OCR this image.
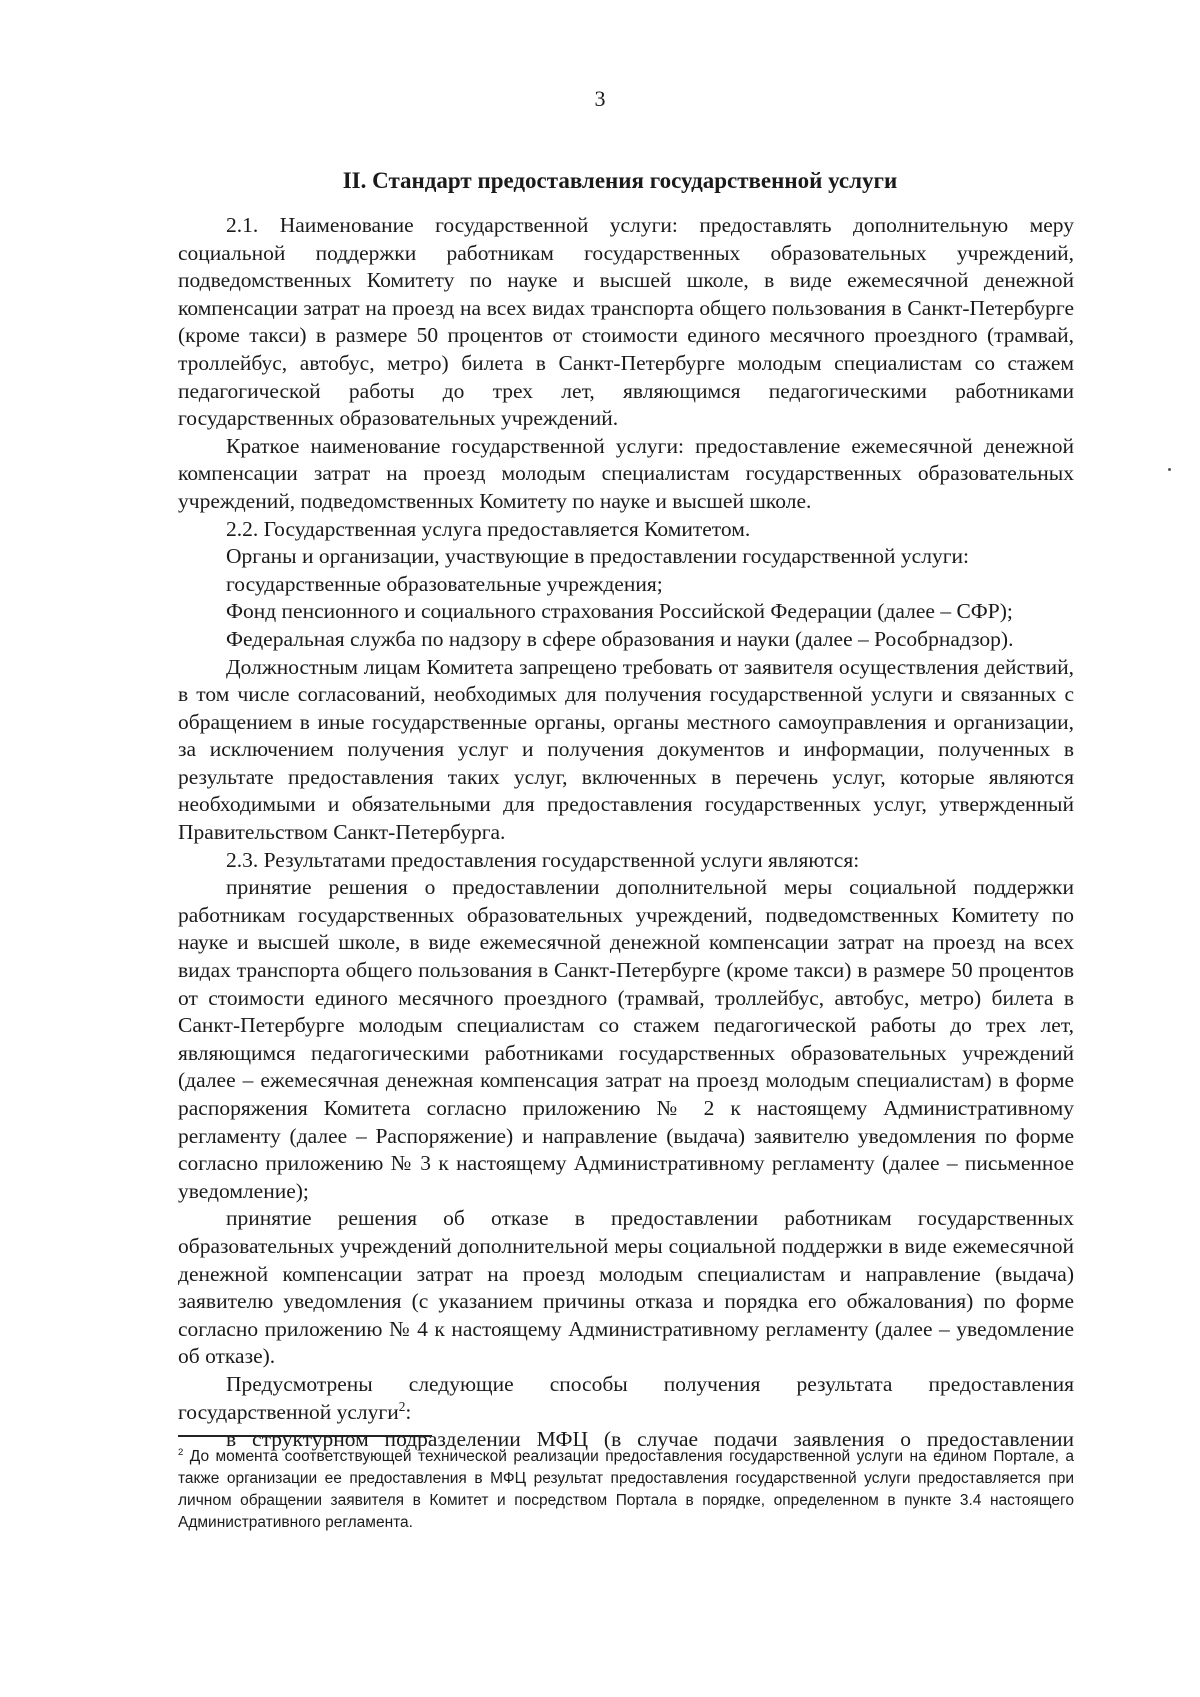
3
II. Стандарт предоставления государственной услуги

2.1. Наименование государственной услуги: предоставлять дополнительную меру социальной поддержки работникам государственных образовательных учреждений, подведомственных Комитету по науке и высшей школе, в виде ежемесячной денежной компенсации затрат на проезд на всех видах транспорта общего пользования в Санкт-Петербурге (кроме такси) в размере 50 процентов от стоимости единого месячного проездного (трамвай, троллейбус, автобус, метро) билета в Санкт-Петербурге молодым специалистам со стажем педагогической работы до трех лет, являющимся педагогическими работниками государственных образовательных учреждений.

Краткое наименование государственной услуги: предоставление ежемесячной денежной компенсации затрат на проезд молодым специалистам государственных образовательных учреждений, подведомственных Комитету по науке и высшей школе.

2.2. Государственная услуга предоставляется Комитетом.

Органы и организации, участвующие в предоставлении государственной услуги:

государственные образовательные учреждения;

Фонд пенсионного и социального страхования Российской Федерации (далее – СФР);

Федеральная служба по надзору в сфере образования и науки (далее – Рособрнадзор).

Должностным лицам Комитета запрещено требовать от заявителя осуществления действий, в том числе согласований, необходимых для получения государственной услуги и связанных с обращением в иные государственные органы, органы местного самоуправления и организации, за исключением получения услуг и получения документов и информации, полученных в результате предоставления таких услуг, включенных в перечень услуг, которые являются необходимыми и обязательными для предоставления государственных услуг, утвержденный Правительством Санкт-Петербурга.

2.3. Результатами предоставления государственной услуги являются:

принятие решения о предоставлении дополнительной меры социальной поддержки работникам государственных образовательных учреждений, подведомственных Комитету по науке и высшей школе, в виде ежемесячной денежной компенсации затрат на проезд на всех видах транспорта общего пользования в Санкт-Петербурге (кроме такси) в размере 50 процентов от стоимости единого месячного проездного (трамвай, троллейбус, автобус, метро) билета в Санкт-Петербурге молодым специалистам со стажем педагогической работы до трех лет, являющимся педагогическими работниками государственных образовательных учреждений (далее – ежемесячная денежная компенсация затрат на проезд молодым специалистам) в форме распоряжения Комитета согласно приложению № 2 к настоящему Административному регламенту (далее – Распоряжение) и направление (выдача) заявителю уведомления по форме согласно приложению № 3 к настоящему Административному регламенту (далее – письменное уведомление);

принятие решения об отказе в предоставлении работникам государственных образовательных учреждений дополнительной меры социальной поддержки в виде ежемесячной денежной компенсации затрат на проезд молодым специалистам и направление (выдача) заявителю уведомления (с указанием причины отказа и порядка его обжалования) по форме согласно приложению № 4 к настоящему Административному регламенту (далее – уведомление об отказе).

Предусмотрены следующие способы получения результата предоставления государственной услуги$^2$:

в структурном подразделении МФЦ (в случае подачи заявления о предоставлении

$^2$ До момента соответствующей технической реализации предоставления государственной услуги на едином Портале, а также организации ее предоставления в МФЦ результат предоставления государственной услуги предоставляется при личном обращении заявителя в Комитет и посредством Портала в порядке, определенном в пункте 3.4 настоящего Административного регламента.
